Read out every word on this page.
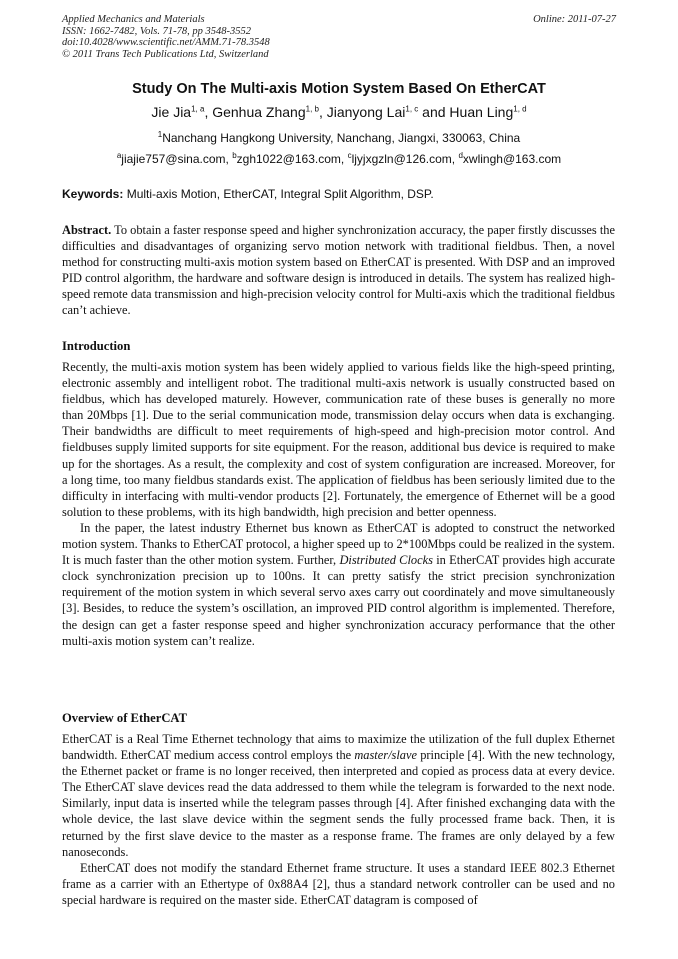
Applied Mechanics and Materials
ISSN: 1662-7482, Vols. 71-78, pp 3548-3552
doi:10.4028/www.scientific.net/AMM.71-78.3548
© 2011 Trans Tech Publications Ltd, Switzerland
Online: 2011-07-27
Study On The Multi-axis Motion System Based On EtherCAT
Jie Jia$^{1, a}$, Genhua Zhang$^{1, b}$, Jianyong Lai$^{1, c}$ and Huan Ling$^{1, d}$
$^1$Nanchang Hangkong University, Nanchang, Jiangxi, 330063, China
$^a$jiajie757@sina.com, $^b$zgh1022@163.com, $^c$ljyjxgzln@126.com, $^d$xwlingh@163.com
Keywords: Multi-axis Motion, EtherCAT, Integral Split Algorithm, DSP.

Abstract. To obtain a faster response speed and higher synchronization accuracy, the paper firstly discusses the difficulties and disadvantages of organizing servo motion network with traditional fieldbus. Then, a novel method for constructing multi-axis motion system based on EtherCAT is presented. With DSP and an improved PID control algorithm, the hardware and software design is introduced in details. The system has realized high-speed remote data transmission and high-precision velocity control for Multi-axis which the traditional fieldbus can’t achieve.

Introduction

Recently, the multi-axis motion system has been widely applied to various fields like the high-speed printing, electronic assembly and intelligent robot. The traditional multi-axis network is usually constructed based on fieldbus, which has developed maturely. However, communication rate of these buses is generally no more than 20Mbps [1]. Due to the serial communication mode, transmission delay occurs when data is exchanging. Their bandwidths are difficult to meet requirements of high-speed and high-precision motor control. And fieldbuses supply limited supports for site equipment. For the reason, additional bus device is required to make up for the shortages. As a result, the complexity and cost of system configuration are increased. Moreover, for a long time, too many fieldbus standards exist. The application of fieldbus has been seriously limited due to the difficulty in interfacing with multi-vendor products [2]. Fortunately, the emergence of Ethernet will be a good solution to these problems, with its high bandwidth, high precision and better openness.

In the paper, the latest industry Ethernet bus known as EtherCAT is adopted to construct the networked motion system. Thanks to EtherCAT protocol, a higher speed up to 2*100Mbps could be realized in the system. It is much faster than the other motion system. Further, Distributed Clocks in EtherCAT provides high accurate clock synchronization precision up to 100ns. It can pretty satisfy the strict precision synchronization requirement of the motion system in which several servo axes carry out coordinately and move simultaneously [3]. Besides, to reduce the system’s oscillation, an improved PID control algorithm is implemented. Therefore, the design can get a faster response speed and higher synchronization accuracy performance that the other multi-axis motion system can’t realize.

Overview of EtherCAT

EtherCAT is a Real Time Ethernet technology that aims to maximize the utilization of the full duplex Ethernet bandwidth. EtherCAT medium access control employs the master/slave principle [4]. With the new technology, the Ethernet packet or frame is no longer received, then interpreted and copied as process data at every device. The EtherCAT slave devices read the data addressed to them while the telegram is forwarded to the next node. Similarly, input data is inserted while the telegram passes through [4]. After finished exchanging data with the whole device, the last slave device within the segment sends the fully processed frame back. Then, it is returned by the first slave device to the master as a response frame. The frames are only delayed by a few nanoseconds.

EtherCAT does not modify the standard Ethernet frame structure. It uses a standard IEEE 802.3 Ethernet frame as a carrier with an Ethertype of 0x88A4 [2], thus a standard network controller can be used and no special hardware is required on the master side. EtherCAT datagram is composed of
